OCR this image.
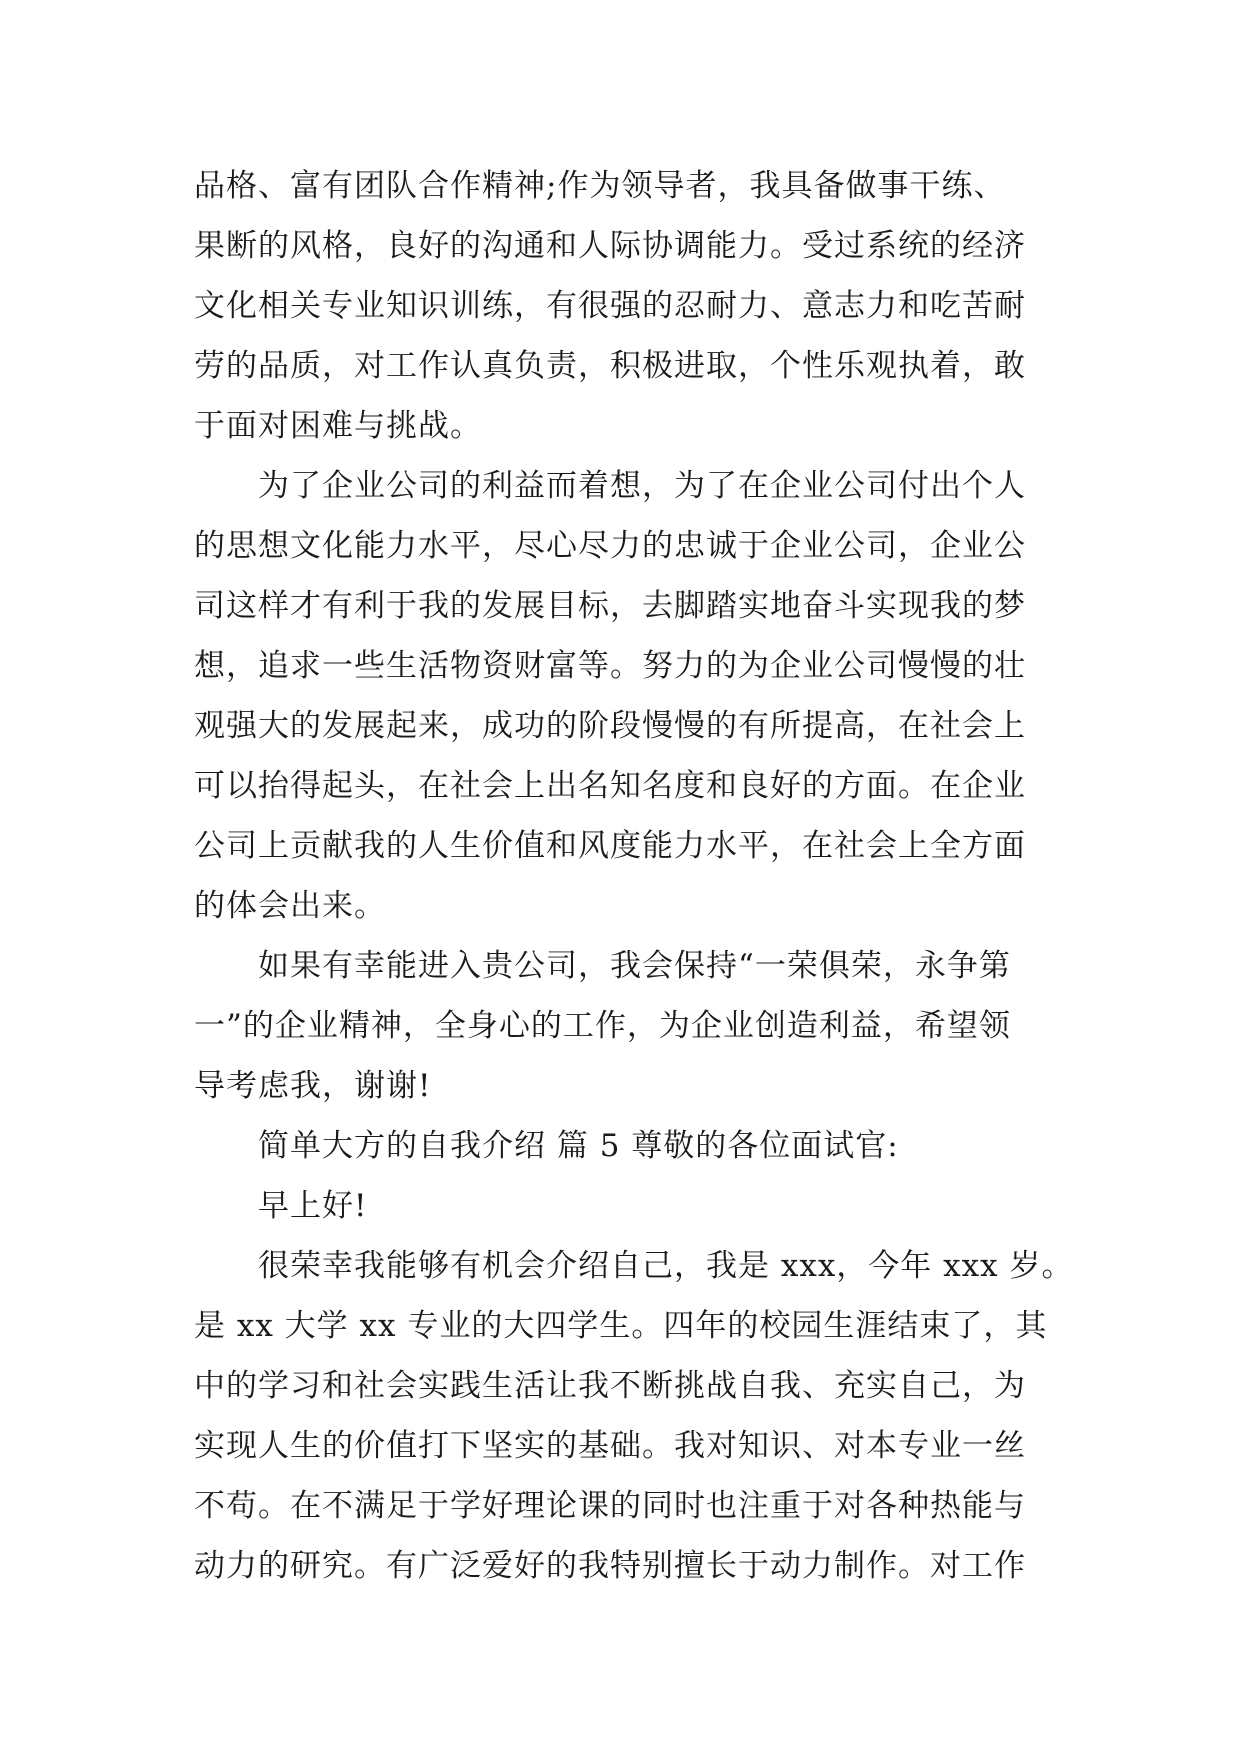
品格、富有团队合作精神;作为领导者，我具备做事干练、
果断的风格，良好的沟通和人际协调能力。受过系统的经济
文化相关专业知识训练，有很强的忍耐力、意志力和吃苦耐
劳的品质，对工作认真负责，积极进取，个性乐观执着，敢
于面对困难与挑战。
为了企业公司的利益而着想，为了在企业公司付出个人
的思想文化能力水平，尽心尽力的忠诚于企业公司，企业公
司这样才有利于我的发展目标，去脚踏实地奋斗实现我的梦
想，追求一些生活物资财富等。努力的为企业公司慢慢的壮
观强大的发展起来，成功的阶段慢慢的有所提高，在社会上
可以抬得起头，在社会上出名知名度和良好的方面。在企业
公司上贡献我的人生价值和风度能力水平，在社会上全方面
的体会出来。
如果有幸能进入贵公司，我会保持“一荣俱荣，永争第
一”的企业精神，全身心的工作，为企业创造利益，希望领
导考虑我，谢谢!
简单大方的自我介绍 篇 5 尊敬的各位面试官:
早上好!
很荣幸我能够有机会介绍自己，我是 xxx，今年 xxx 岁。
是 xx 大学 xx 专业的大四学生。四年的校园生涯结束了，其
中的学习和社会实践生活让我不断挑战自我、充实自己，为
实现人生的价值打下坚实的基础。我对知识、对本专业一丝
不苟。在不满足于学好理论课的同时也注重于对各种热能与
动力的研究。有广泛爱好的我特别擅长于动力制作。对工作
